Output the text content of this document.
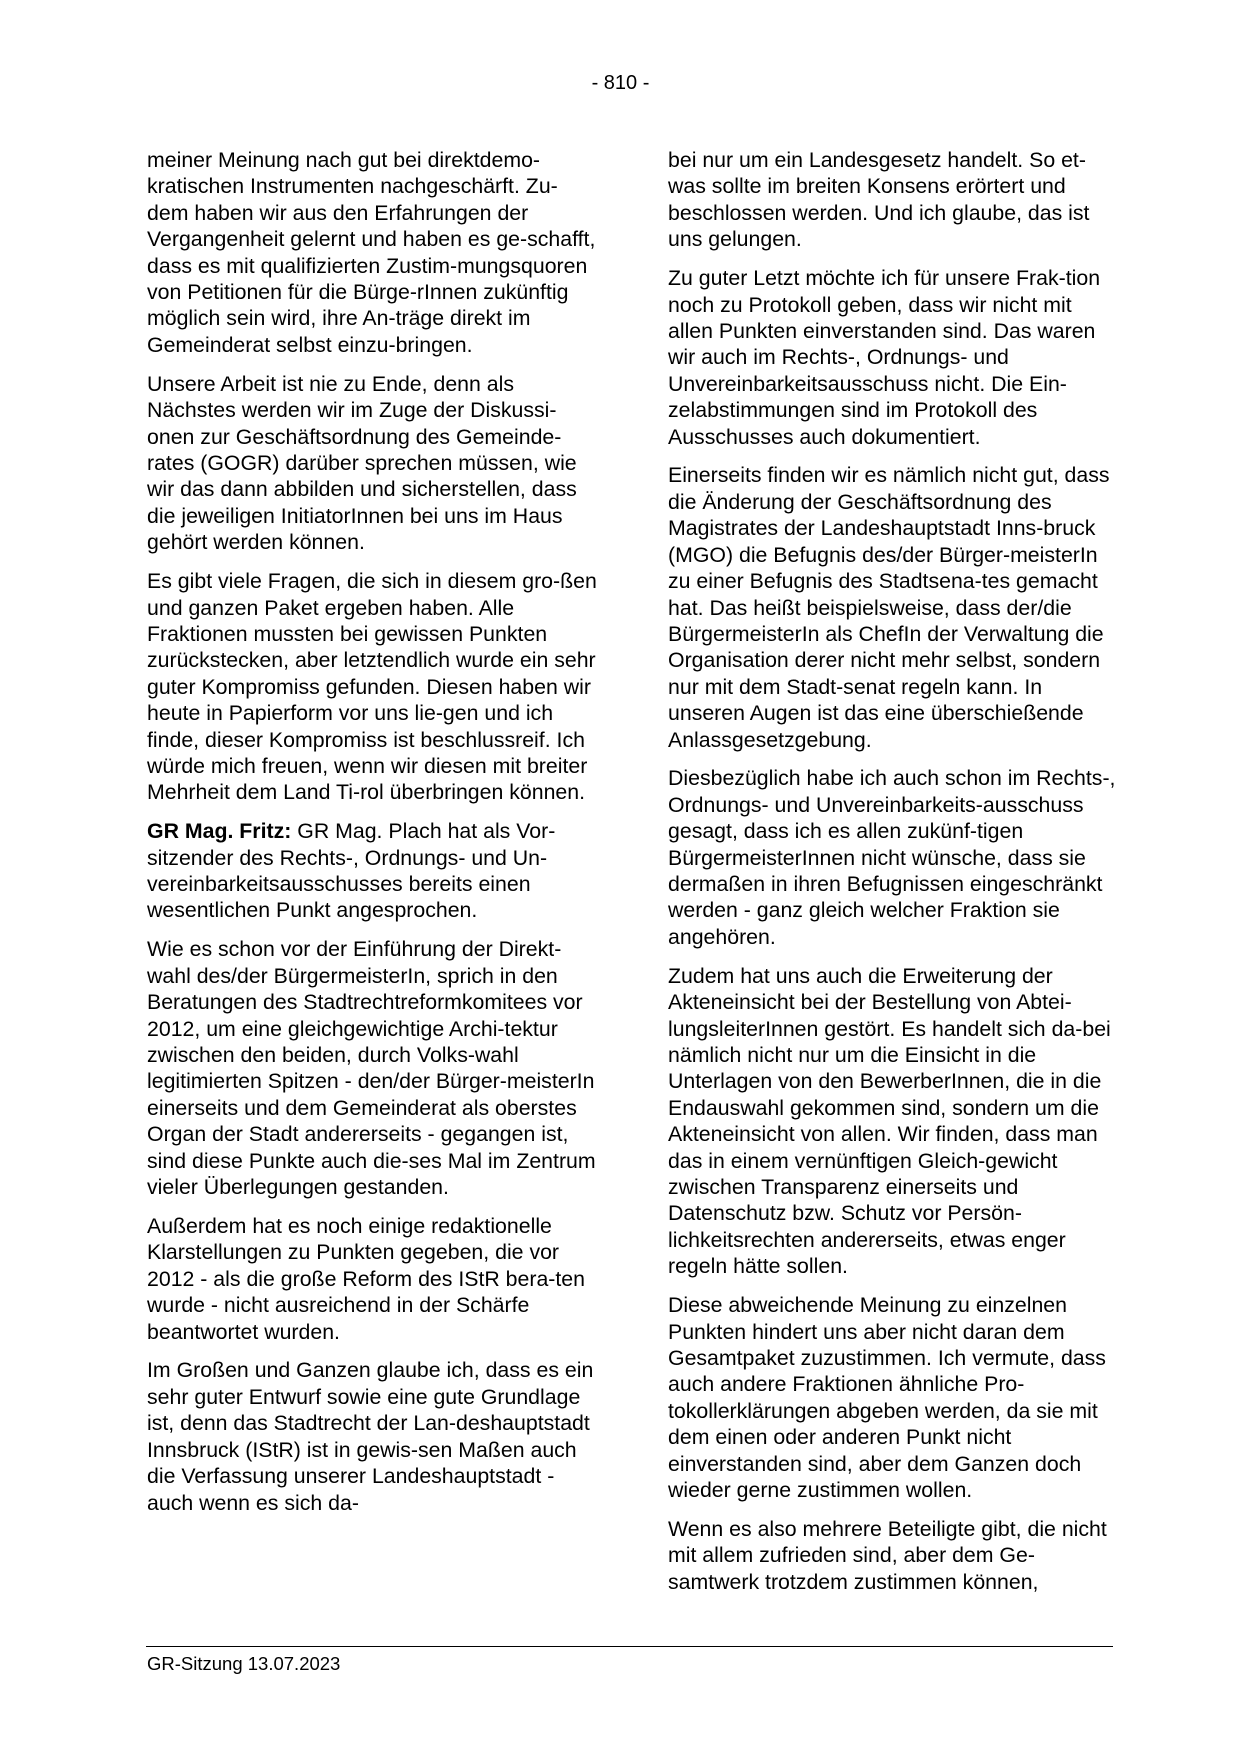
- 810 -

meiner Meinung nach gut bei direktdemo-kratischen Instrumenten nachgeschärft. Zu-dem haben wir aus den Erfahrungen der Vergangenheit gelernt und haben es ge-schafft, dass es mit qualifizierten Zustim-mungsquoren von Petitionen für die Bürge-rInnen zukünftig möglich sein wird, ihre An-träge direkt im Gemeinderat selbst einzu-bringen.

Unsere Arbeit ist nie zu Ende, denn als Nächstes werden wir im Zuge der Diskussi-onen zur Geschäftsordnung des Gemeinde-rates (GOGR) darüber sprechen müssen, wie wir das dann abbilden und sicherstellen, dass die jeweiligen InitiatorInnen bei uns im Haus gehört werden können.

Es gibt viele Fragen, die sich in diesem gro-ßen und ganzen Paket ergeben haben. Alle Fraktionen mussten bei gewissen Punkten zurückstecken, aber letztendlich wurde ein sehr guter Kompromiss gefunden. Diesen haben wir heute in Papierform vor uns lie-gen und ich finde, dieser Kompromiss ist beschlussreif. Ich würde mich freuen, wenn wir diesen mit breiter Mehrheit dem Land Ti-rol überbringen können.

GR Mag. Fritz: GR Mag. Plach hat als Vor-sitzender des Rechts-, Ordnungs- und Un-vereinbarkeitsausschusses bereits einen wesentlichen Punkt angesprochen.

Wie es schon vor der Einführung der Direkt-wahl des/der BürgermeisterIn, sprich in den Beratungen des Stadtrechtreformkomitees vor 2012, um eine gleichgewichtige Archi-tektur zwischen den beiden, durch Volks-wahl legitimierten Spitzen - den/der Bürger-meisterIn einerseits und dem Gemeinderat als oberstes Organ der Stadt andererseits - gegangen ist, sind diese Punkte auch die-ses Mal im Zentrum vieler Überlegungen gestanden.

Außerdem hat es noch einige redaktionelle Klarstellungen zu Punkten gegeben, die vor 2012 - als die große Reform des IStR bera-ten wurde - nicht ausreichend in der Schärfe beantwortet wurden.

Im Großen und Ganzen glaube ich, dass es ein sehr guter Entwurf sowie eine gute Grundlage ist, denn das Stadtrecht der Lan-deshauptstadt Innsbruck (IStR) ist in gewis-sen Maßen auch die Verfassung unserer Landeshauptstadt - auch wenn es sich da-

bei nur um ein Landesgesetz handelt. So et-was sollte im breiten Konsens erörtert und beschlossen werden. Und ich glaube, das ist uns gelungen.

Zu guter Letzt möchte ich für unsere Frak-tion noch zu Protokoll geben, dass wir nicht mit allen Punkten einverstanden sind. Das waren wir auch im Rechts-, Ordnungs- und Unvereinbarkeitsausschuss nicht. Die Ein-zelabstimmungen sind im Protokoll des Ausschusses auch dokumentiert.

Einerseits finden wir es nämlich nicht gut, dass die Änderung der Geschäftsordnung des Magistrates der Landeshauptstadt Inns-bruck (MGO) die Befugnis des/der Bürger-meisterIn zu einer Befugnis des Stadtsena-tes gemacht hat. Das heißt beispielsweise, dass der/die BürgermeisterIn als ChefIn der Verwaltung die Organisation derer nicht mehr selbst, sondern nur mit dem Stadt-senat regeln kann. In unseren Augen ist das eine überschießende Anlassgesetzgebung.

Diesbezüglich habe ich auch schon im Rechts-, Ordnungs- und Unvereinbarkeits-ausschuss gesagt, dass ich es allen zukünf-tigen BürgermeisterInnen nicht wünsche, dass sie dermaßen in ihren Befugnissen eingeschränkt werden - ganz gleich welcher Fraktion sie angehören.

Zudem hat uns auch die Erweiterung der Akteneinsicht bei der Bestellung von Abtei-lungsleiterInnen gestört. Es handelt sich da-bei nämlich nicht nur um die Einsicht in die Unterlagen von den BewerberInnen, die in die Endauswahl gekommen sind, sondern um die Akteneinsicht von allen. Wir finden, dass man das in einem vernünftigen Gleich-gewicht zwischen Transparenz einerseits und Datenschutz bzw. Schutz vor Persön-lichkeitsrechten andererseits, etwas enger regeln hätte sollen.

Diese abweichende Meinung zu einzelnen Punkten hindert uns aber nicht daran dem Gesamtpaket zuzustimmen. Ich vermute, dass auch andere Fraktionen ähnliche Pro-tokollerklärungen abgeben werden, da sie mit dem einen oder anderen Punkt nicht einverstanden sind, aber dem Ganzen doch wieder gerne zustimmen wollen.

Wenn es also mehrere Beteiligte gibt, die nicht mit allem zufrieden sind, aber dem Ge-samtwerk trotzdem zustimmen können,

GR-Sitzung 13.07.2023
